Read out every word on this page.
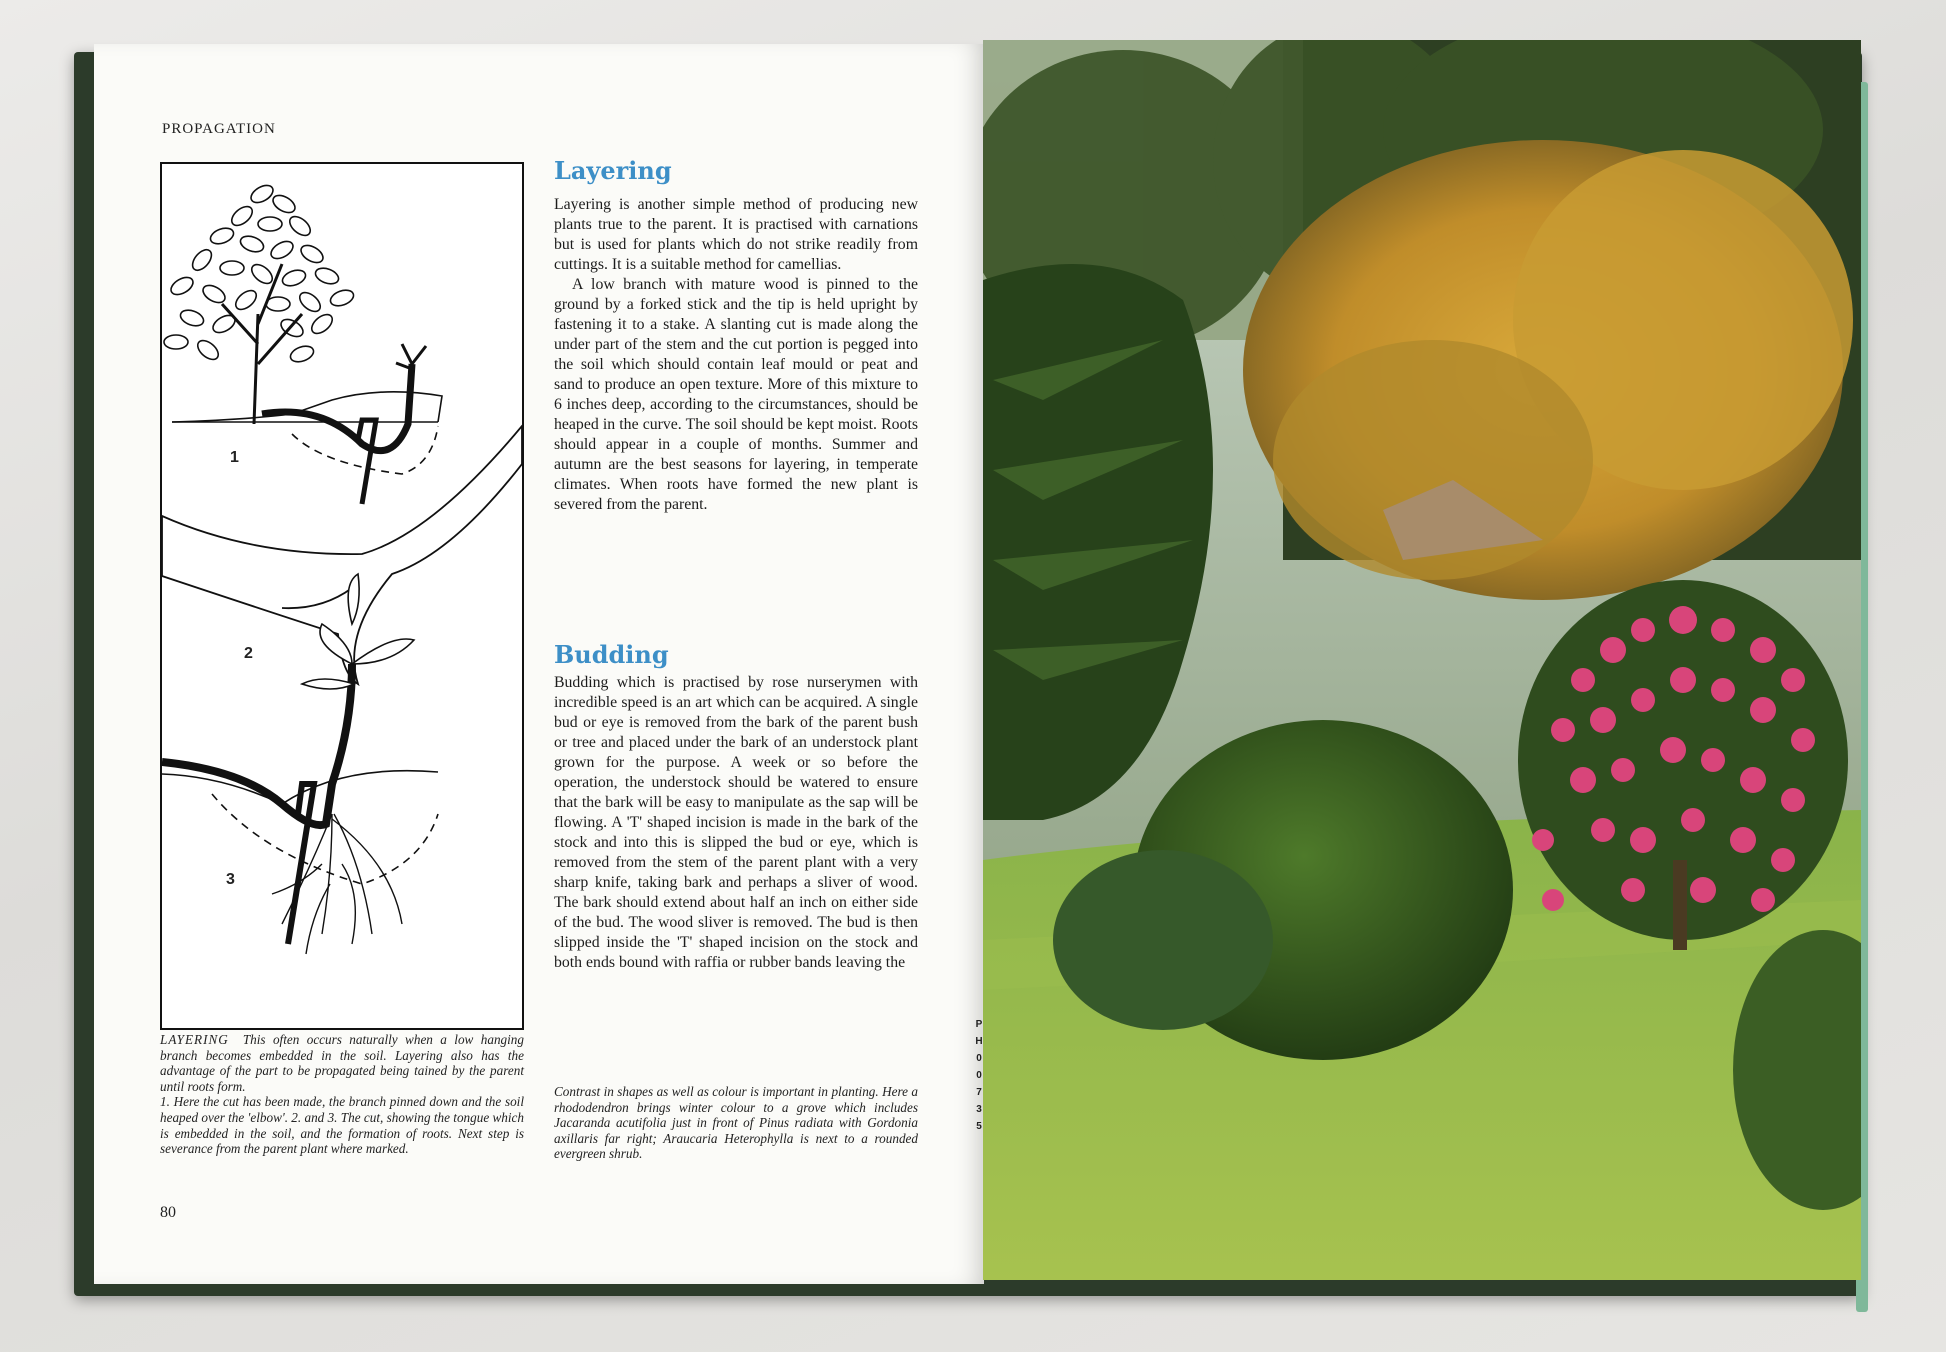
PROPAGATION
1
2
3

LAYERING This often occurs naturally when a low hanging branch becomes embedded in the soil. Layering also has the advantage of the part to be propagated being tained by the parent until roots form.

1. Here the cut has been made, the branch pinned down and the soil heaped over the 'elbow'. 2. and 3. The cut, showing the tongue which is embedded in the soil, and the formation of roots. Next step is severance from the parent plant where marked.

Layering

Layering is another simple method of producing new plants true to the parent. It is practised with carnations but is used for plants which do not strike readily from cuttings. It is a suitable method for camellias.

A low branch with mature wood is pinned to the ground by a forked stick and the tip is held upright by fastening it to a stake. A slanting cut is made along the under part of the stem and the cut portion is pegged into the soil which should contain leaf mould or peat and sand to produce an open texture. More of this mixture to 6 inches deep, according to the circumstances, should be heaped in the curve. The soil should be kept moist. Roots should appear in a couple of months. Summer and autumn are the best seasons for layering, in temperate climates. When roots have formed the new plant is severed from the parent.

Budding

Budding which is practised by rose nurserymen with incredible speed is an art which can be acquired. A single bud or eye is removed from the bark of the parent bush or tree and placed under the bark of an understock plant grown for the purpose. A week or so before the operation, the understock should be watered to ensure that the bark will be easy to manipulate as the sap will be flowing. A 'T' shaped incision is made in the bark of the stock and into this is slipped the bud or eye, which is removed from the stem of the parent plant with a very sharp knife, taking bark and perhaps a sliver of wood. The bark should extend about half an inch on either side of the bud. The wood sliver is removed. The bud is then slipped inside the 'T' shaped incision on the stock and both ends bound with raffia or rubber bands leaving the

Contrast in shapes as well as colour is important in planting. Here a rhododendron brings winter colour to a grove which includes Jacaranda acutifolia just in front of Pinus radiata with Gordonia axillaris far right; Araucaria Heterophylla is next to a rounded evergreen shrub.
80
P
H
0
0
7
3
5
